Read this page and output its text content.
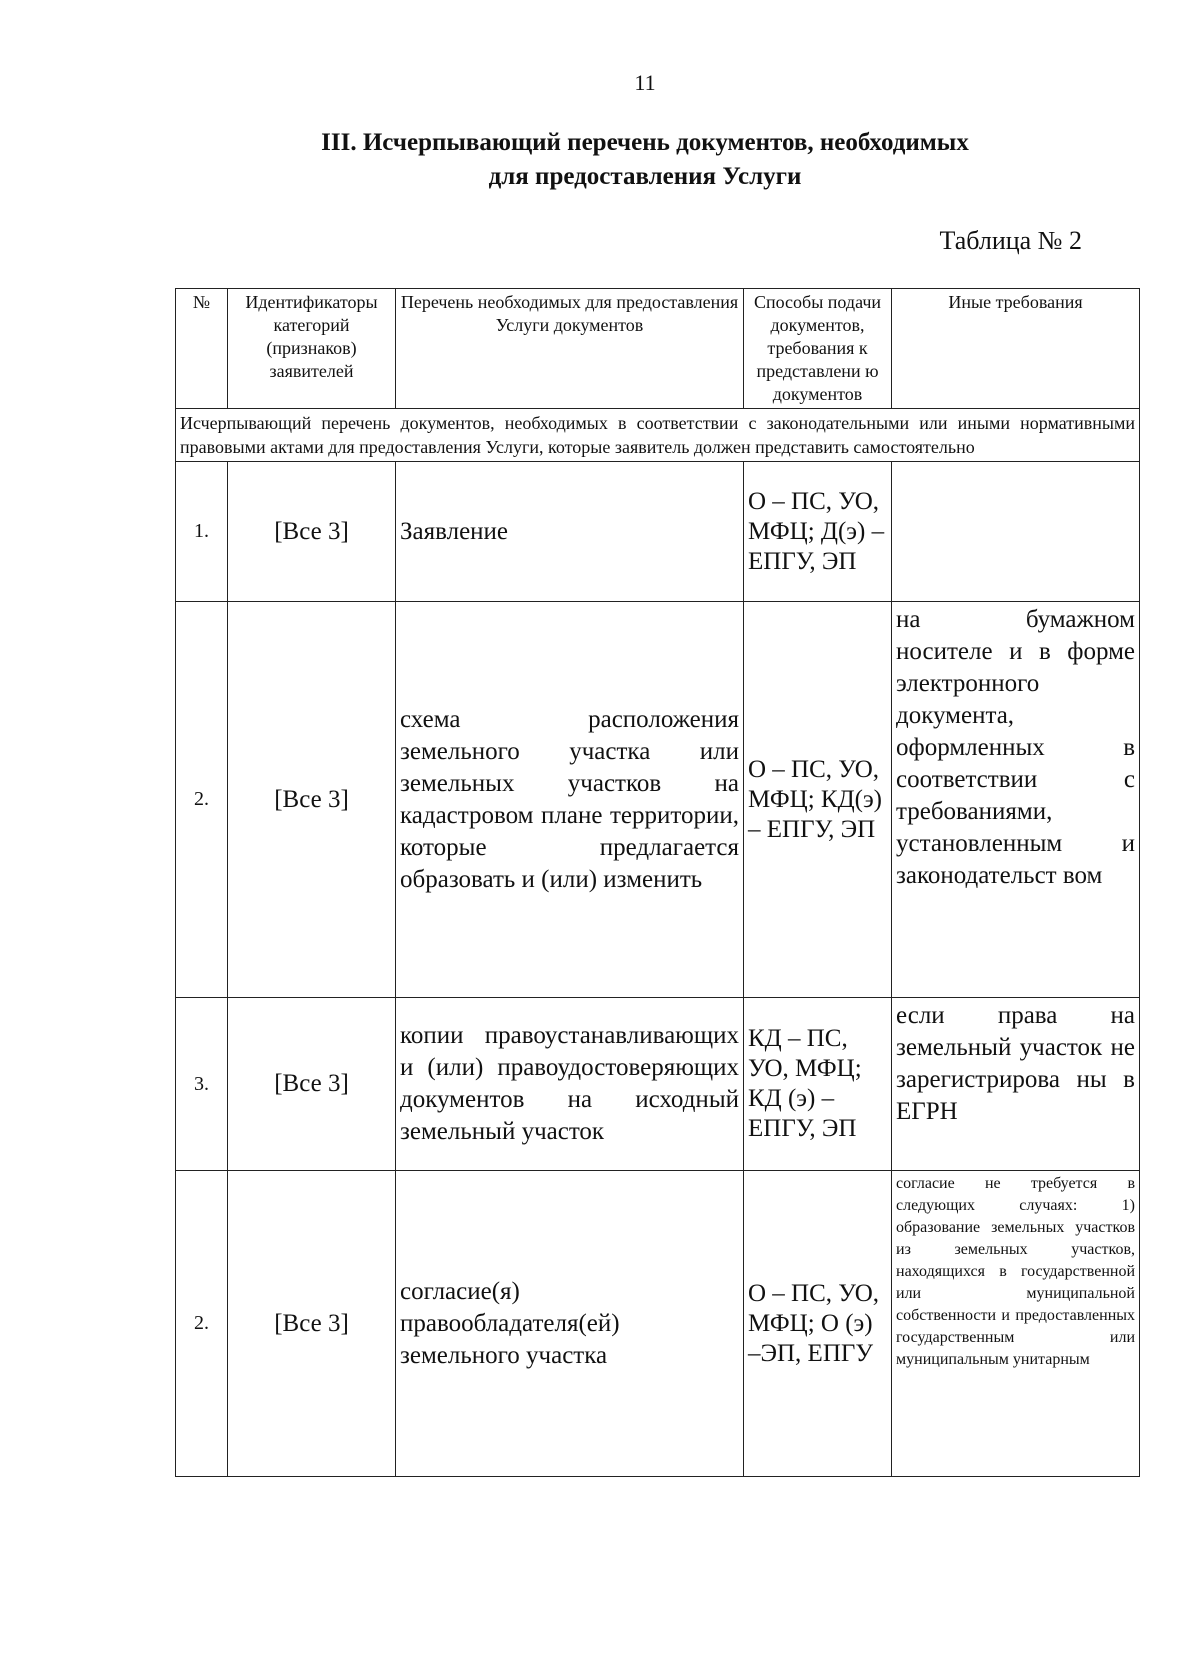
11
III. Исчерпывающий перечень документов, необходимых
для предоставления Услуги
Таблица № 2
№	Идентификаторы категорий (признаков) заявителей	Перечень необходимых для предоставления Услуги документов	Способы подачи документов, требования к представлени ю документов	Иные требования
Исчерпывающий перечень документов, необходимых в соответствии с законодательными или иными нормативными правовыми актами для предоставления Услуги, которые заявитель должен представить самостоятельно				
1.	[Все 3]	Заявление	О – ПС, УО, МФЦ; Д(э) – ЕПГУ, ЭП	
2.	[Все 3]	схема расположения земельного участка или земельных участков на кадастровом плане территории, которые предлагается образовать и (или) изменить	О – ПС, УО, МФЦ; КД(э) – ЕПГУ, ЭП	на бумажном носителе и в форме электронного документа, оформленных в соответствии с требованиями, установленным и законодательст вом
3.	[Все 3]	копии правоустанавливающих и (или) правоудостоверяющих документов на исходный земельный участок	КД – ПС, УО, МФЦ; КД (э) – ЕПГУ, ЭП	если права на земельный участок не зарегистрирова ны в ЕГРН
2.	[Все 3]	согласие(я) правообладателя(ей) земельного участка	О – ПС, УО, МФЦ; О (э) –ЭП, ЕПГУ	согласие не требуется в следующих случаях: 1) образование земельных участков из земельных участков, находящихся в государственной или муниципальной собственности и предоставленных государственным или муниципальным унитарным
